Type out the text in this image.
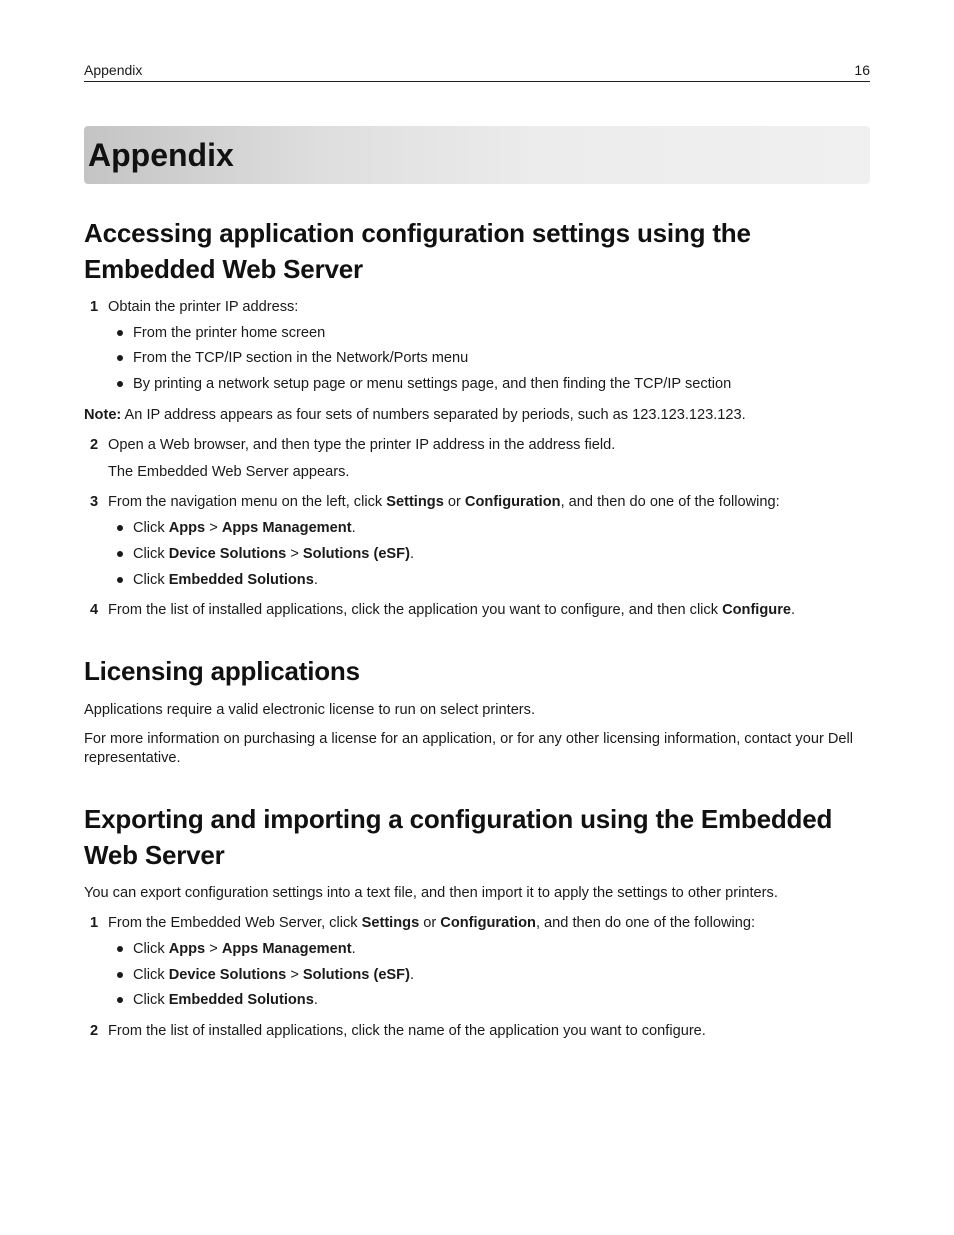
Appendix	16
Appendix
Accessing application configuration settings using the
Embedded Web Server
1 Obtain the printer IP address:
From the printer home screen
From the TCP/IP section in the Network/Ports menu
By printing a network setup page or menu settings page, and then finding the TCP/IP section
Note: An IP address appears as four sets of numbers separated by periods, such as 123.123.123.123.
2 Open a Web browser, and then type the printer IP address in the address field.
The Embedded Web Server appears.
3 From the navigation menu on the left, click Settings or Configuration, and then do one of the following:
Click Apps > Apps Management.
Click Device Solutions > Solutions (eSF).
Click Embedded Solutions.
4 From the list of installed applications, click the application you want to configure, and then click Configure.
Licensing applications
Applications require a valid electronic license to run on select printers.
For more information on purchasing a license for an application, or for any other licensing information, contact your Dell representative.
Exporting and importing a configuration using the Embedded
Web Server
You can export configuration settings into a text file, and then import it to apply the settings to other printers.
1 From the Embedded Web Server, click Settings or Configuration, and then do one of the following:
Click Apps > Apps Management.
Click Device Solutions > Solutions (eSF).
Click Embedded Solutions.
2 From the list of installed applications, click the name of the application you want to configure.
